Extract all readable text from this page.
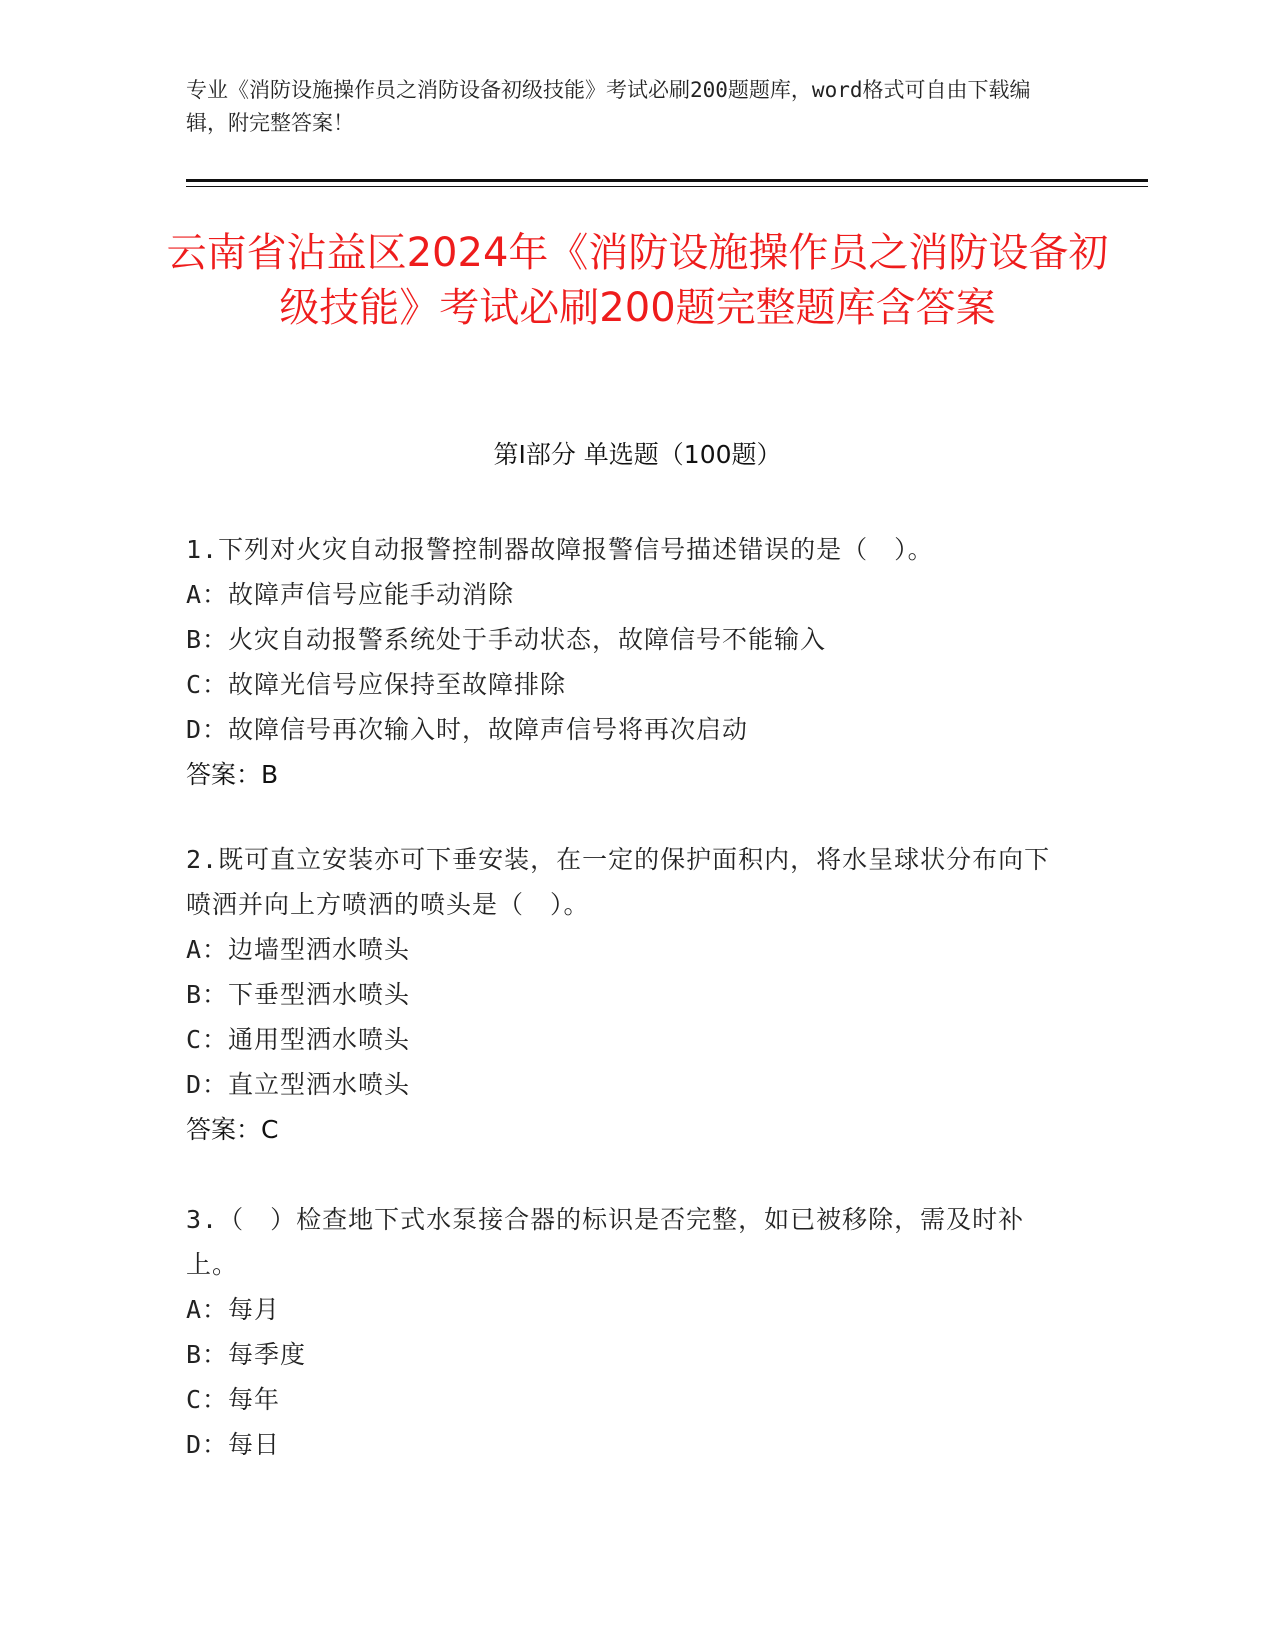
专业《消防设施操作员之消防设备初级技能》考试必刷200题题库，word格式可自由下载编辑，附完整答案！
云南省沾益区2024年《消防设施操作员之消防设备初级技能》考试必刷200题完整题库含答案
第Ⅰ部分 单选题（100题）
1.下列对火灾自动报警控制器故障报警信号描述错误的是（　）。
A：故障声信号应能手动消除
B：火灾自动报警系统处于手动状态，故障信号不能输入
C：故障光信号应保持至故障排除
D：故障信号再次输入时，故障声信号将再次启动
答案：B
2.既可直立安装亦可下垂安装，在一定的保护面积内，将水呈球状分布向下喷洒并向上方喷洒的喷头是（　）。
A：边墙型洒水喷头
B：下垂型洒水喷头
C：通用型洒水喷头
D：直立型洒水喷头
答案：C
3.（　）检查地下式水泵接合器的标识是否完整，如已被移除，需及时补上。
A：每月
B：每季度
C：每年
D：每日
